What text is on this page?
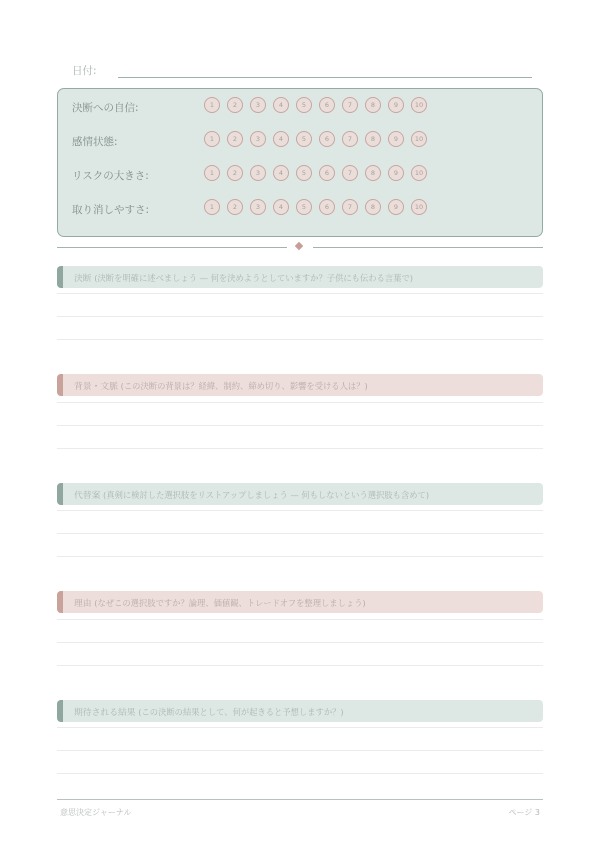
日付:
決断への自信:	1	2	3	4	5	6	7	8	9	10
感情状態:	1	2	3	4	5	6	7	8	9	10
リスクの大きさ:	1	2	3	4	5	6	7	8	9	10
取り消しやすさ:	1	2	3	4	5	6	7	8	9	10
決断 (決断を明確に述べましょう — 何を決めようとしていますか？子供にも伝わる言葉で)
背景・文脈 (この決断の背景は？経緯、制約、締め切り、影響を受ける人は？)
代替案 (真剣に検討した選択肢をリストアップしましょう — 何もしないという選択肢も含めて)
理由 (なぜこの選択肢ですか？論理、価値観、トレードオフを整理しましょう)
期待される結果 (この決断の結果として、何が起きると予想しますか？)
意思決定ジャーナル	ページ 3
